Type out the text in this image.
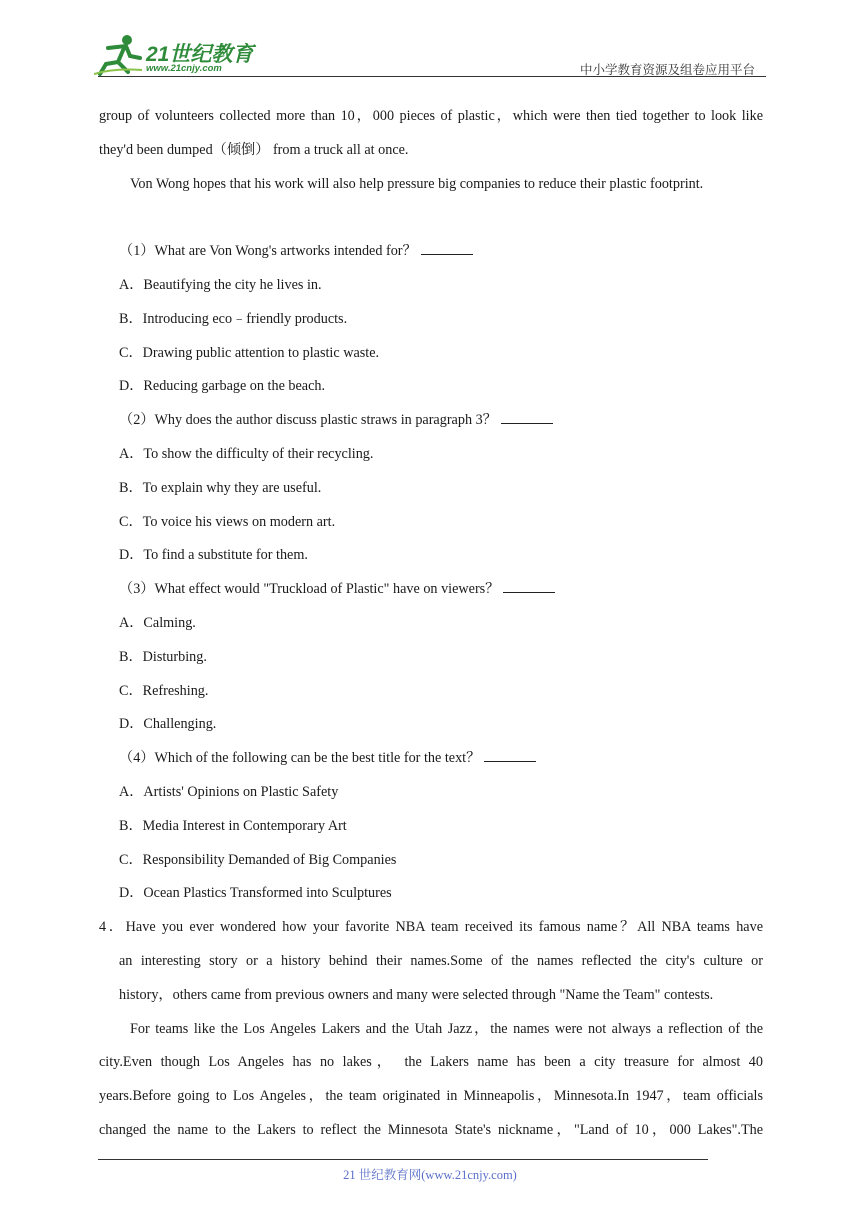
21世纪教育
www.21cnjy.com	中小学教育资源及组卷应用平台
group of volunteers collected more than 10，000 pieces of plastic，which were then tied together to look like
they'd been dumped（倾倒） from a truck all at once.
Von Wong hopes that his work will also help pressure big companies to reduce their plastic footprint.
（1）What are Von Wong's artworks intended for？
A．Beautifying the city he lives in.
B．Introducing eco﹣friendly products.
C．Drawing public attention to plastic waste.
D．Reducing garbage on the beach.
（2）Why does the author discuss plastic straws in paragraph 3？
A．To show the difficulty of their recycling.
B．To explain why they are useful.
C．To voice his views on modern art.
D．To find a substitute for them.
（3）What effect would "Truckload of Plastic" have on viewers？
A．Calming.
B．Disturbing.
C．Refreshing.
D．Challenging.
（4）Which of the following can be the best title for the text？
A．Artists' Opinions on Plastic Safety
B．Media Interest in Contemporary Art
C．Responsibility Demanded of Big Companies
D．Ocean Plastics Transformed into Sculptures
4．Have you ever wondered how your favorite NBA team received its famous name？All NBA teams have
an interesting story or a history behind their names.Some of the names reflected the city's culture or
history，others came from previous owners and many were selected through "Name the Team" contests.
For teams like the Los Angeles Lakers and the Utah Jazz，the names were not always a reflection of the
city.Even though Los Angeles has no lakes， the Lakers name has been a city treasure for almost 40
years.Before going to Los Angeles，the team originated in Minneapolis，Minnesota.In 1947，team officials
changed the name to the Lakers to reflect the Minnesota State's nickname，"Land of 10，000 Lakes".The
21 世纪教育网(www.21cnjy.com)
